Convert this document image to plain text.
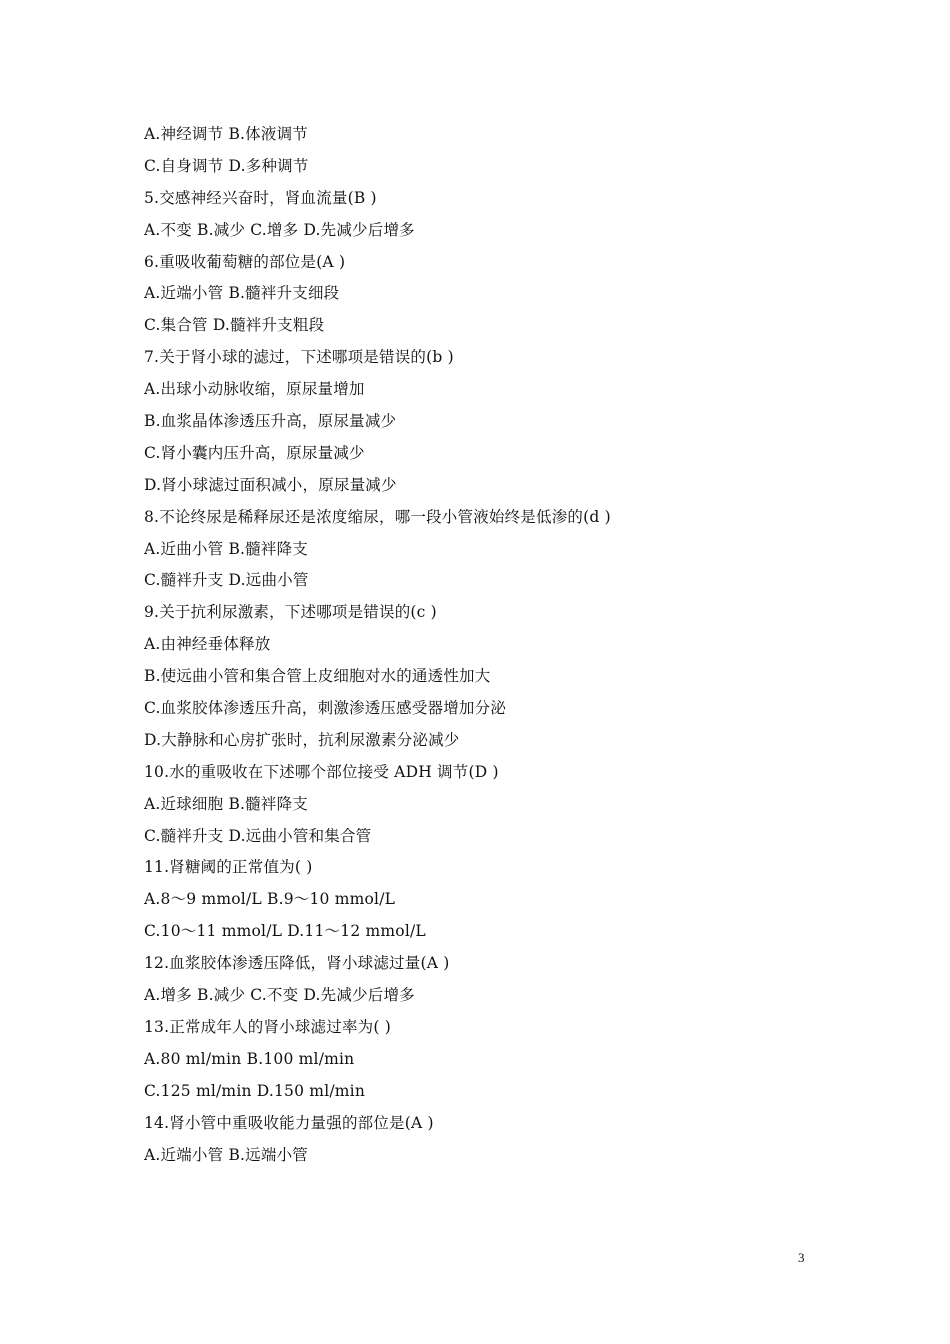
A.神经调节 B.体液调节
C.自身调节 D.多种调节
5.交感神经兴奋时，肾血流量(B )
A.不变 B.减少 C.增多 D.先减少后增多
6.重吸收葡萄糖的部位是(A )
A.近端小管 B.髓袢升支细段
C.集合管 D.髓袢升支粗段
7.关于肾小球的滤过，下述哪项是错误的(b )
A.出球小动脉收缩，原尿量增加
B.血浆晶体渗透压升高，原尿量减少
C.肾小囊内压升高，原尿量减少
D.肾小球滤过面积减小，原尿量减少
8.不论终尿是稀释尿还是浓度缩尿，哪一段小管液始终是低渗的(d )
A.近曲小管 B.髓袢降支
C.髓袢升支 D.远曲小管
9.关于抗利尿激素，下述哪项是错误的(c )
A.由神经垂体释放
B.使远曲小管和集合管上皮细胞对水的通透性加大
C.血浆胶体渗透压升高，刺激渗透压感受器增加分泌
D.大静脉和心房扩张时，抗利尿激素分泌减少
10.水的重吸收在下述哪个部位接受 ADH 调节(D )
A.近球细胞 B.髓袢降支
C.髓袢升支 D.远曲小管和集合管
11.肾糖阈的正常值为( )
A.8～9 mmol/L B.9～10 mmol/L
C.10～11 mmol/L D.11～12 mmol/L
12.血浆胶体渗透压降低，肾小球滤过量(A )
A.增多 B.减少 C.不变 D.先减少后增多
13.正常成年人的肾小球滤过率为( )
A.80 ml/min B.100 ml/min
C.125 ml/min D.150 ml/min
14.肾小管中重吸收能力量强的部位是(A )
A.近端小管 B.远端小管
3
